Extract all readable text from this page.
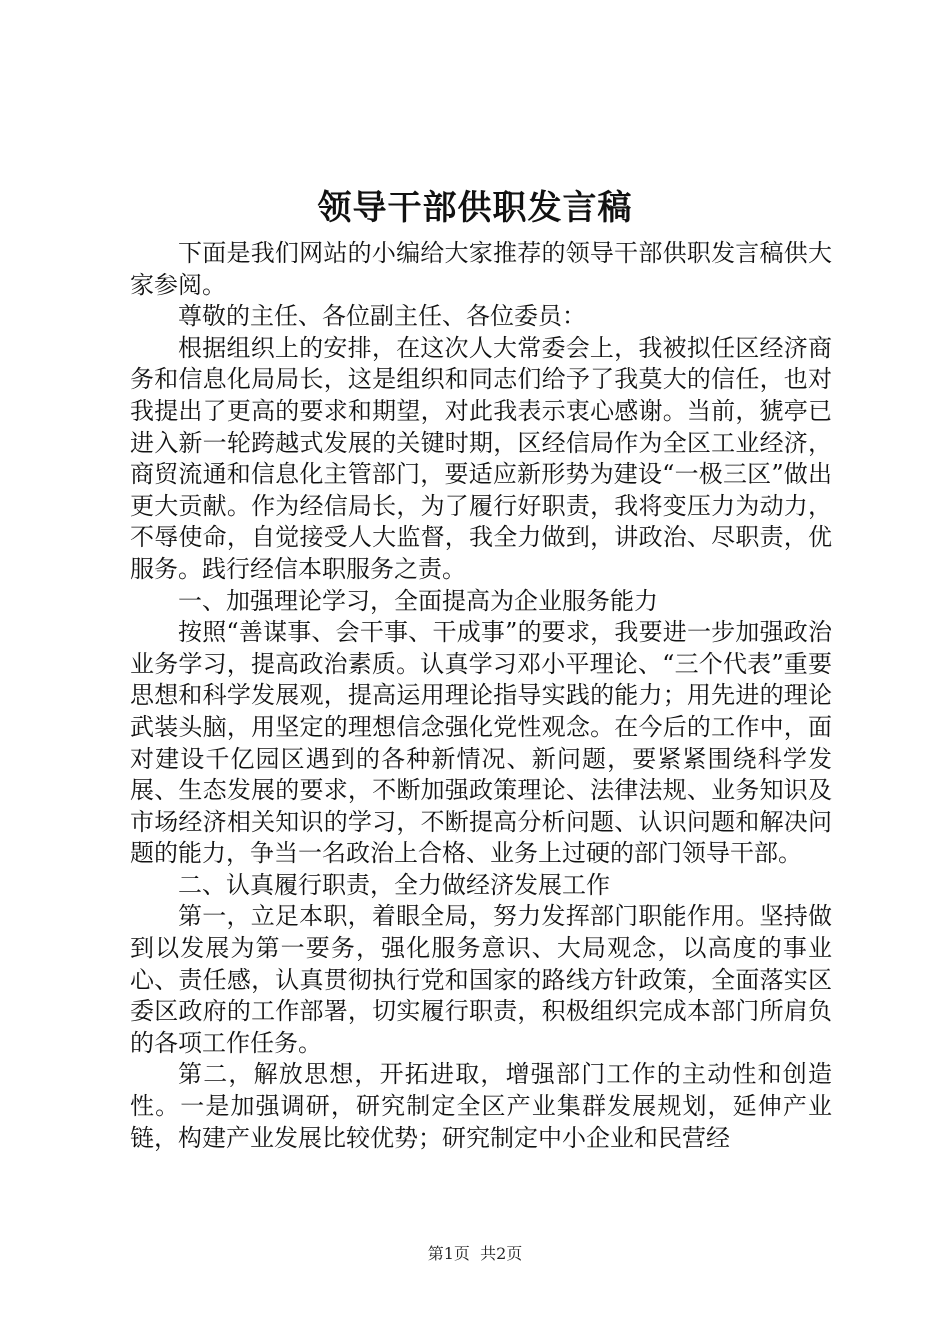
领导干部供职发言稿

下面是我们网站的小编给大家推荐的领导干部供职发言稿供大家参阅。

尊敬的主任、各位副主任、各位委员：

根据组织上的安排，在这次人大常委会上，我被拟任区经济商务和信息化局局长，这是组织和同志们给予了我莫大的信任，也对我提出了更高的要求和期望，对此我表示衷心感谢。当前，猇亭已进入新一轮跨越式发展的关键时期，区经信局作为全区工业经济，商贸流通和信息化主管部门，要适应新形势为建设“一极三区”做出更大贡献。作为经信局长，为了履行好职责，我将变压力为动力，不辱使命，自觉接受人大监督，我全力做到，讲政治、尽职责，优服务。践行经信本职服务之责。

一、加强理论学习，全面提高为企业服务能力

按照“善谋事、会干事、干成事”的要求，我要进一步加强政治业务学习，提高政治素质。认真学习邓小平理论、“三个代表”重要思想和科学发展观，提高运用理论指导实践的能力；用先进的理论武装头脑，用坚定的理想信念强化党性观念。在今后的工作中，面对建设千亿园区遇到的各种新情况、新问题，要紧紧围绕科学发展、生态发展的要求，不断加强政策理论、法律法规、业务知识及市场经济相关知识的学习，不断提高分析问题、认识问题和解决问题的能力，争当一名政治上合格、业务上过硬的部门领导干部。

二、认真履行职责，全力做经济发展工作

第一，立足本职，着眼全局，努力发挥部门职能作用。坚持做到以发展为第一要务，强化服务意识、大局观念，以高度的事业心、责任感，认真贯彻执行党和国家的路线方针政策，全面落实区委区政府的工作部署，切实履行职责，积极组织完成本部门所肩负的各项工作任务。

第二，解放思想，开拓进取，增强部门工作的主动性和创造性。一是加强调研，研究制定全区产业集群发展规划，延伸产业链，构建产业发展比较优势；研究制定中小企业和民营经

第1页 共2页
